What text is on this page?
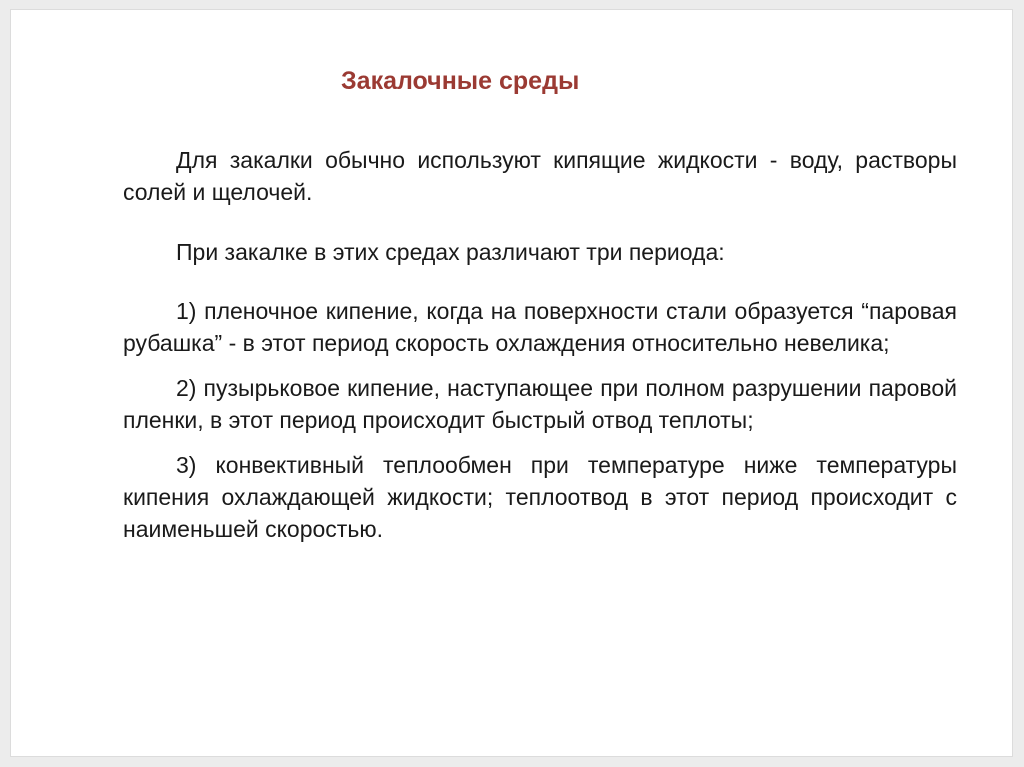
Закалочные среды

Для закалки обычно используют кипящие жидкости - воду, растворы солей и щелочей.

При закалке в этих средах различают три периода:

1) пленочное кипение, когда на поверхности стали образуется “паровая рубашка” - в этот период скорость охлаждения относительно невелика;

2) пузырьковое кипение, наступающее при полном разрушении паровой пленки, в этот период происходит быстрый отвод теплоты;

3) конвективный теплообмен при температуре ниже температуры кипения охлаждающей жидкости; теплоотвод в этот период происходит с наименьшей скоростью.
